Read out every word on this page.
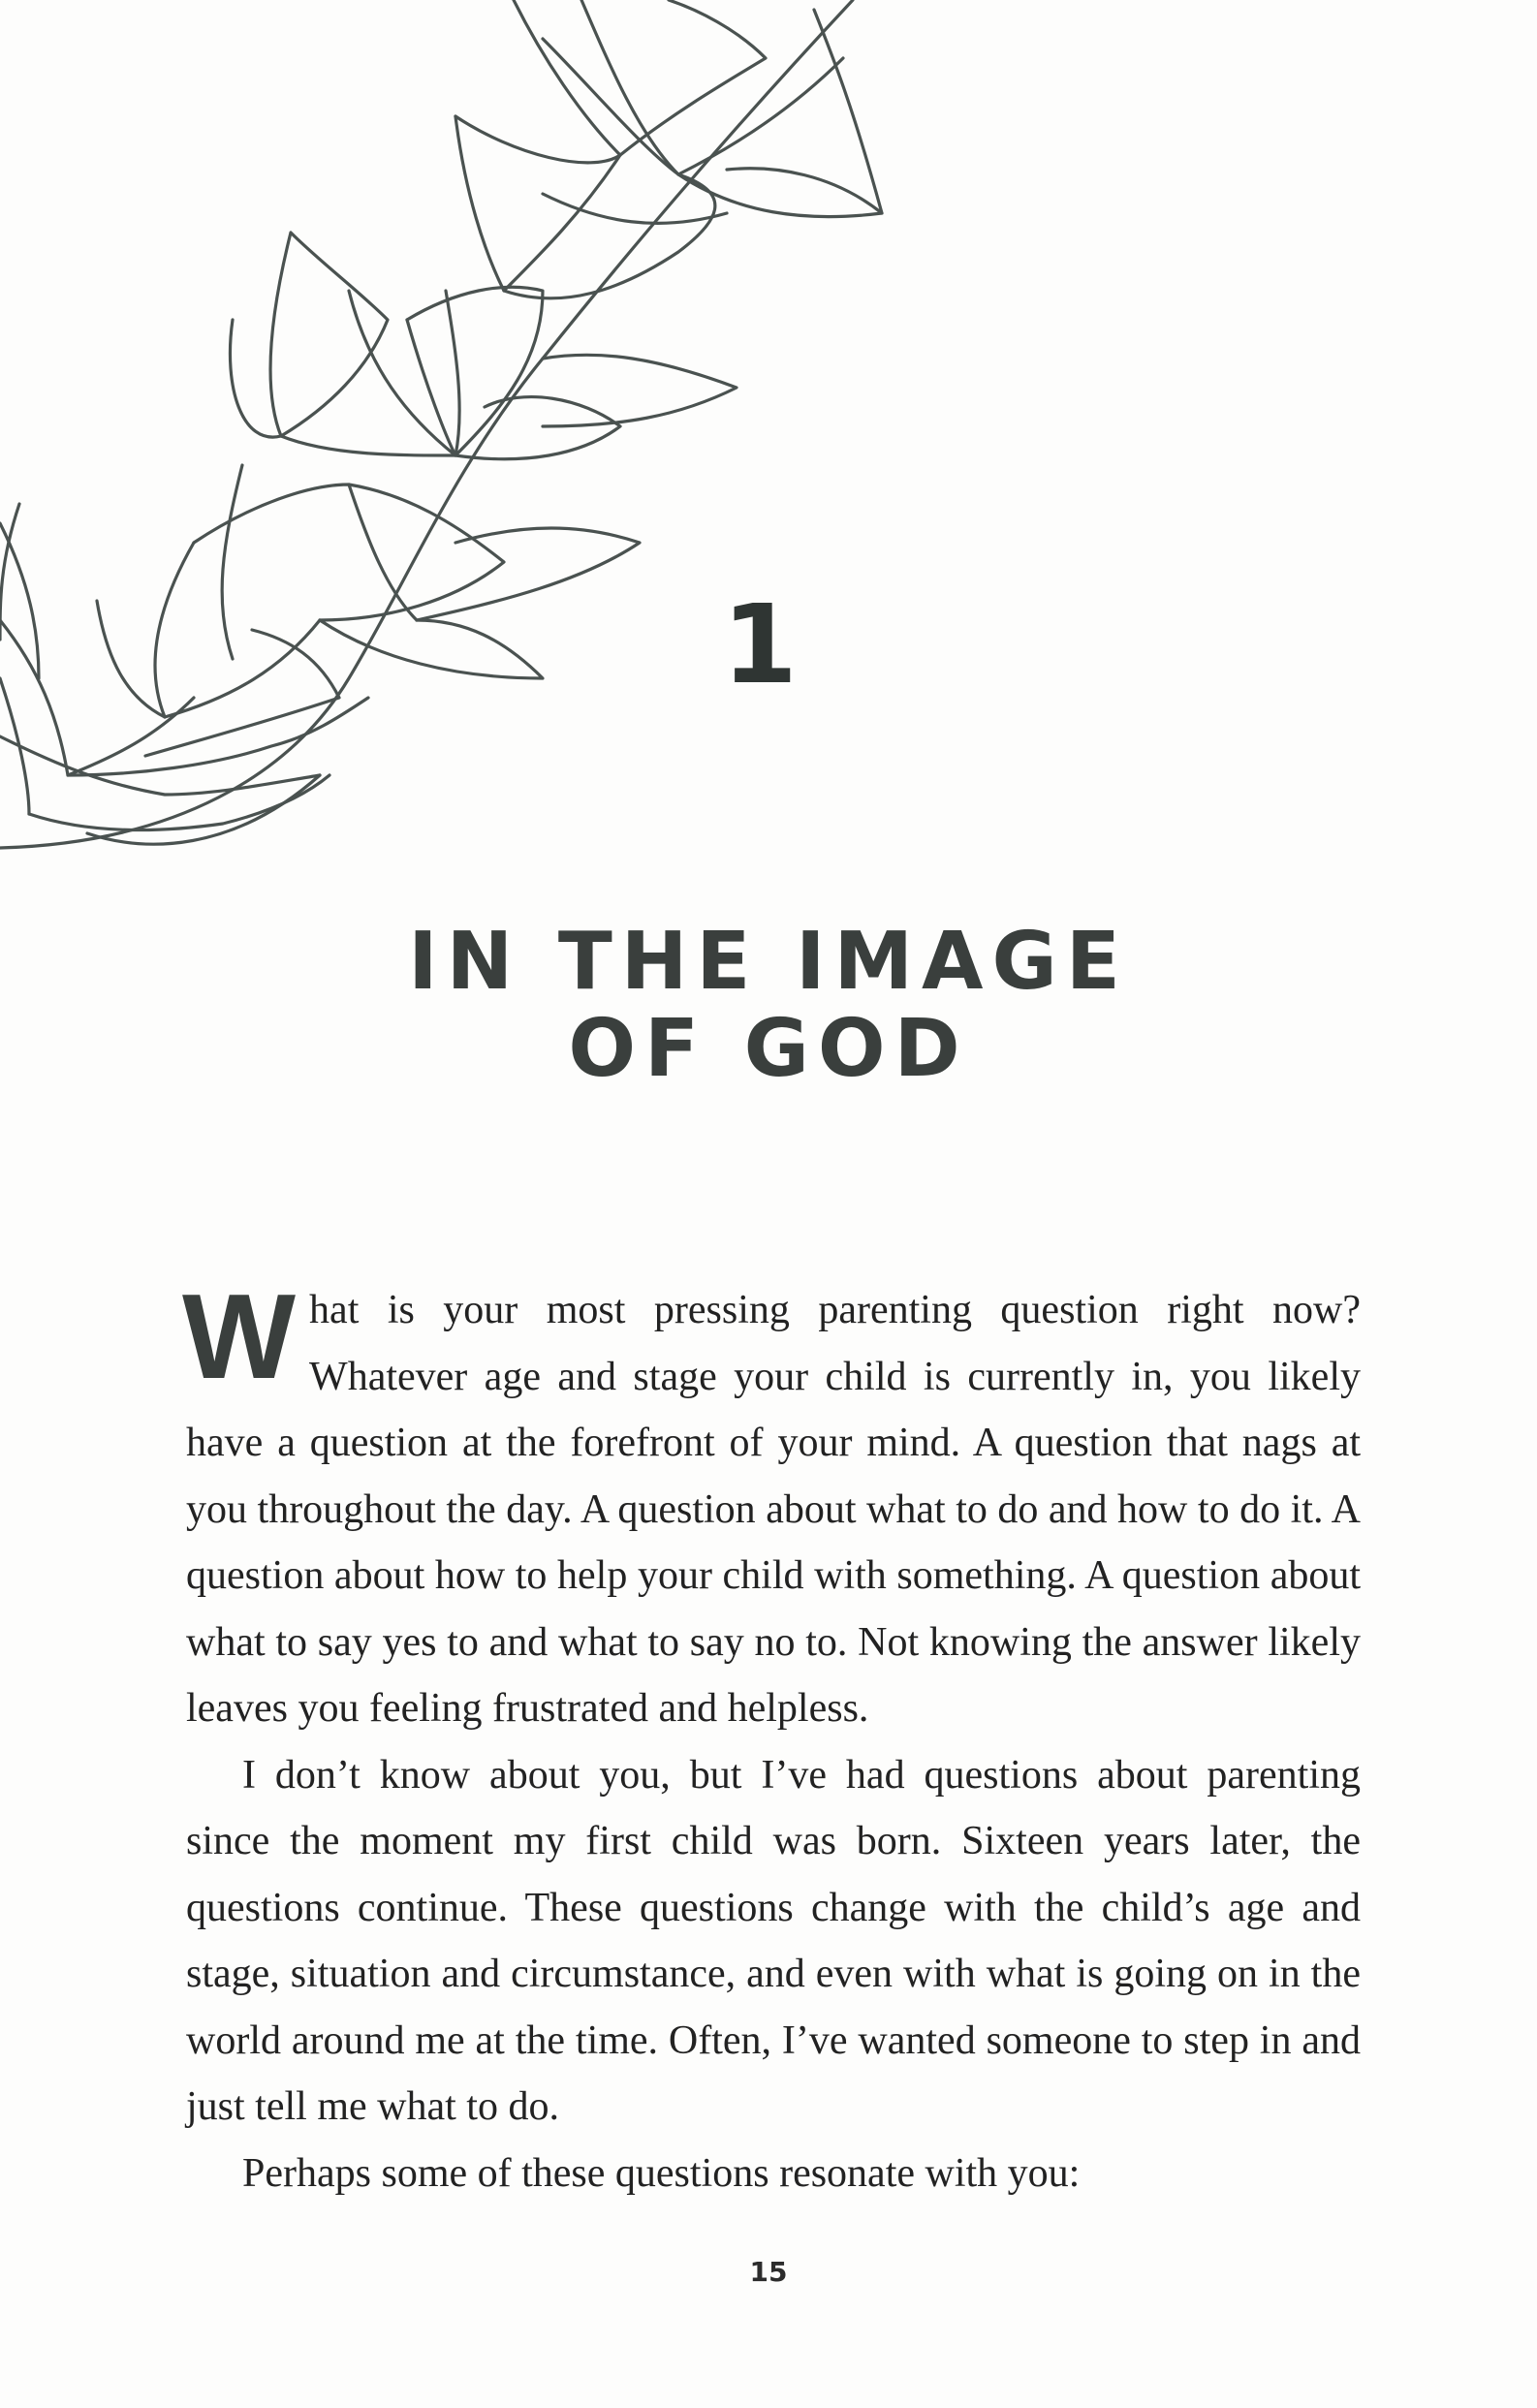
1
IN THE IMAGE
OF GOD

What is your most pressing parenting question right now? Whatever age and stage your child is currently in, you likely have a question at the forefront of your mind. A question that nags at you throughout the day. A question about what to do and how to do it. A question about how to help your child with something. A question about what to say yes to and what to say no to. Not knowing the answer likely leaves you feeling frustrated and helpless.

I don’t know about you, but I’ve had questions about parenting since the moment my first child was born. Sixteen years later, the questions continue. These questions change with the child’s age and stage, situation and circumstance, and even with what is going on in the world around me at the time. Often, I’ve wanted someone to step in and just tell me what to do.

Perhaps some of these questions resonate with you:

15
